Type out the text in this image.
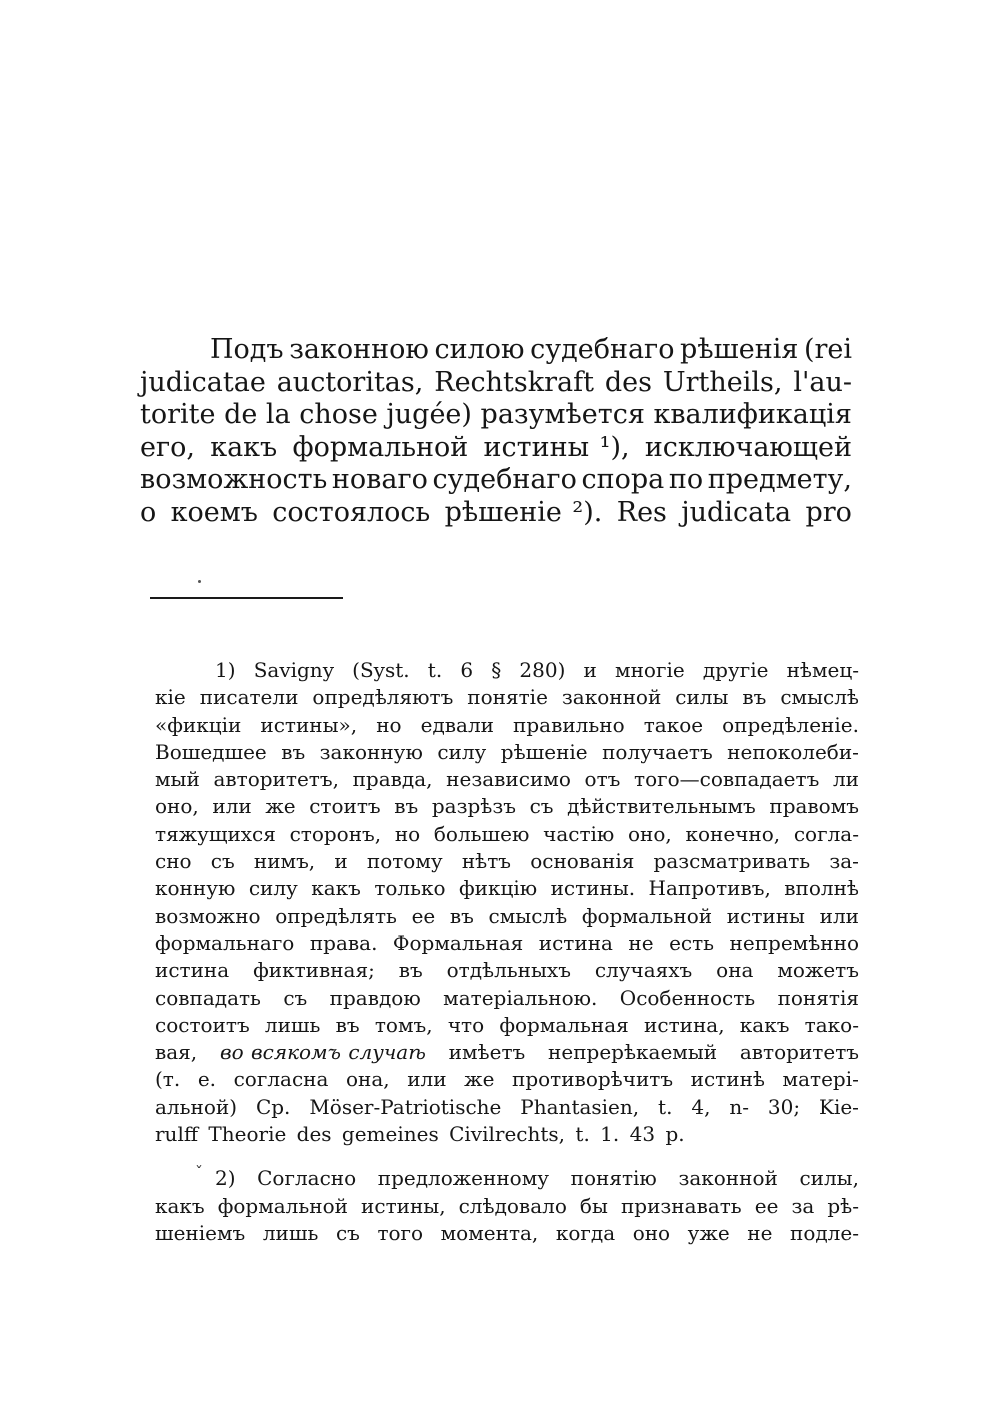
Подъ законною силою судебнаго рѣшенія (rei
judicatae auctoritas, Rechtskraft des Urtheils, l'au-
torite de la chose jugée) разумѣется квалификація
его, какъ формальной истины ¹), исключающей
возможность новаго судебнаго спора по предмету,
о коемъ состоялось рѣшеніе ²). Res judicata pro
1) Savigny (Syst. t. 6 § 280) и многіе другіе нѣмец-
кіе писатели опредѣляютъ понятіе законной силы въ смыслѣ
«фикціи истины», но едвали правильно такое опредѣленіе.
Вошедшее въ законную силу рѣшеніе получаетъ непоколеби-
мый авторитетъ, правда, независимо отъ того—совпадаетъ ли
оно, или же стоитъ въ разрѣзъ съ дѣйствительнымъ правомъ
тяжущихся сторонъ, но большею частію оно, конечно, согла-
сно съ нимъ, и потому нѣтъ основанія разсматривать за-
конную силу какъ только фикцію истины. Напротивъ, вполнѣ
возможно опредѣлять ее въ смыслѣ формальной истины или
формальнаго права. Формальная истина не есть непремѣнно
истина фиктивная; въ отдѣльныхъ случаяхъ она можетъ
совпадать съ правдою матеріальною. Особенность понятія
состоитъ лишь въ томъ, что формальная истина, какъ тако-
вая, во всякомъ случаѣ имѣетъ непрерѣкаемый авторитетъ
(т. е. согласна она, или же противорѣчитъ истинѣ матері-
альной) Ср. Möser-Patriotische Phantasien, t. 4, n- 30; Kie-
rulff
Theorie
des
gemeines
Civilrechts,
t.
1.
43
p.
2) Согласно предложенному понятію законной силы,
какъ формальной истины, слѣдовало бы признавать ее за рѣ-
шеніемъ лишь съ того момента, когда оно уже не подле-
ˇ
